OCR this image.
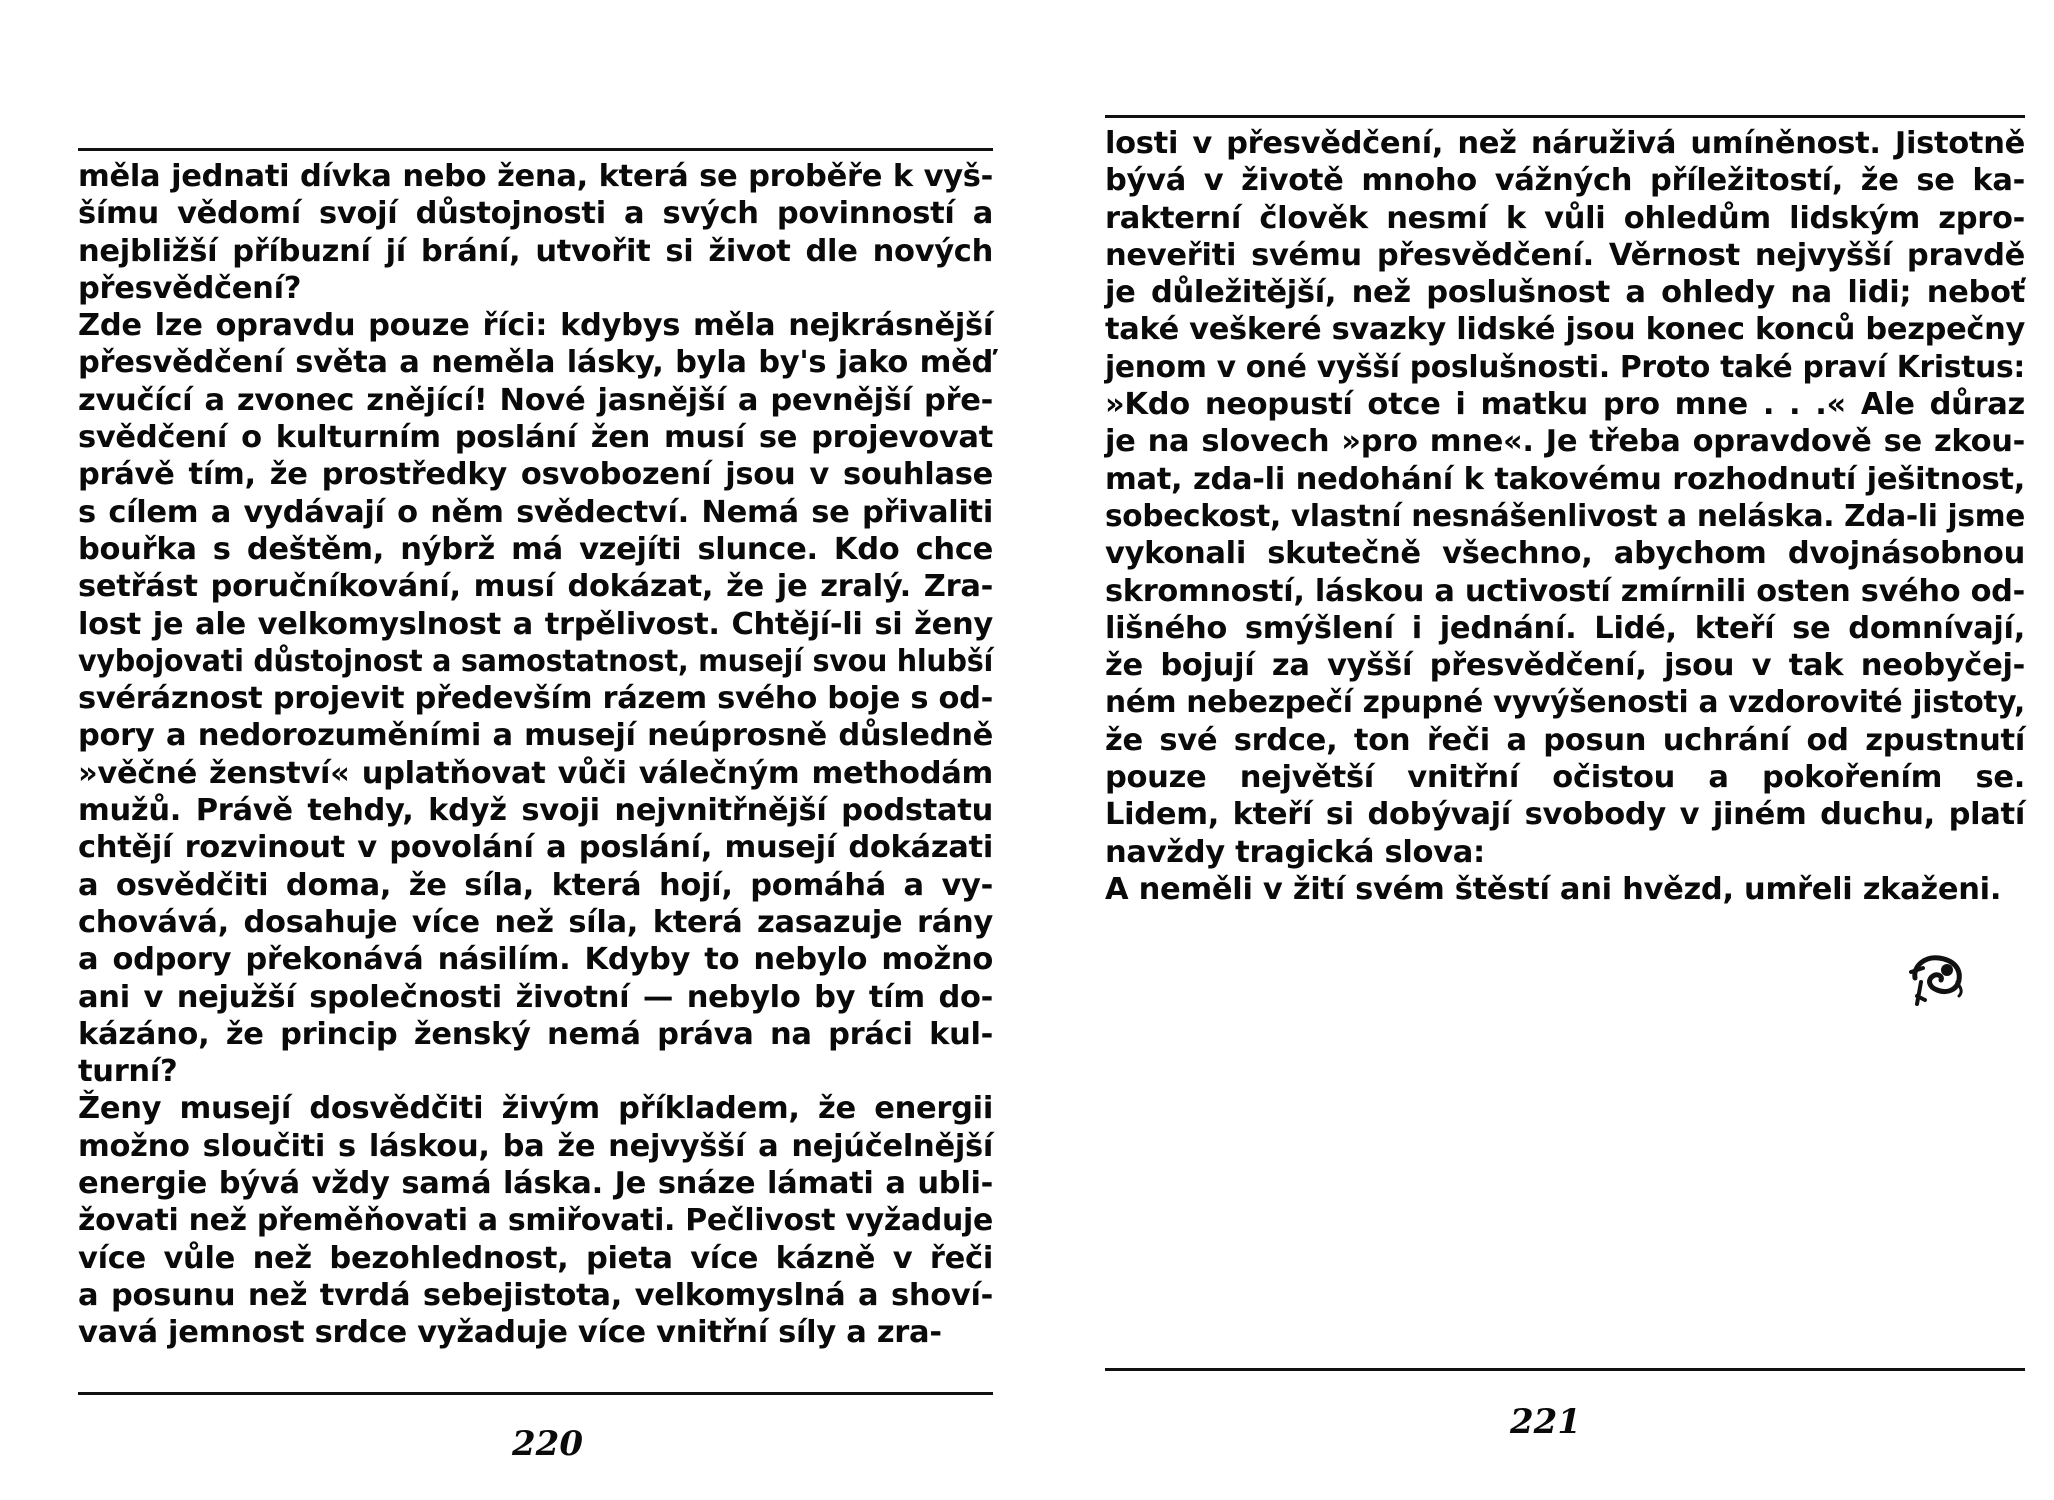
měla jednati dívka nebo žena, která se proběře k vyš-
šímu vědomí svojí důstojnosti a svých povinností a
nejbližší příbuzní jí brání, utvořit si život dle nových
přesvědčení?
Zde lze opravdu pouze říci: kdybys měla nejkrásnější
přesvědčení světa a neměla lásky, byla by's jako měď
zvučící a zvonec znějící! Nové jasnější a pevnější pře-
svědčení o kulturním poslání žen musí se projevovat
právě tím, že prostředky osvobození jsou v souhlase
s cílem a vydávají o něm svědectví. Nemá se přivaliti
bouřka s deštěm, nýbrž má vzejíti slunce. Kdo chce
setřást poručníkování, musí dokázat, že je zralý. Zra-
lost je ale velkomyslnost a trpělivost. Chtějí-li si ženy
vybojovati důstojnost a samostatnost, musejí svou hlubší
svéráznost projevit především rázem svého boje s od-
pory a nedorozuměními a musejí neúprosně důsledně
»věčné ženství« uplatňovat vůči válečným methodám
mužů. Právě tehdy, když svoji nejvnitřnější podstatu
chtějí rozvinout v povolání a poslání, musejí dokázati
a osvědčiti doma, že síla, která hojí, pomáhá a vy-
chovává, dosahuje více než síla, která zasazuje rány
a odpory překonává násilím. Kdyby to nebylo možno
ani v nejužší společnosti životní — nebylo by tím do-
kázáno, že princip ženský nemá práva na práci kul-
turní?
Ženy musejí dosvědčiti živým příkladem, že energii
možno sloučiti s láskou, ba že nejvyšší a nejúčelnější
energie bývá vždy samá láska. Je snáze lámati a ubli-
žovati než přeměňovati a smiřovati. Pečlivost vyžaduje
více vůle než bezohlednost, pieta více kázně v řeči
a posunu než tvrdá sebejistota, velkomyslná a shoví-
vavá jemnost srdce vyžaduje více vnitřní síly a zra-
220
losti v přesvědčení, než náruživá umíněnost. Jistotně
bývá v životě mnoho vážných příležitostí, že se ka-
rakterní člověk nesmí k vůli ohledům lidským zpro-
neveřiti svému přesvědčení. Věrnost nejvyšší pravdě
je důležitější, než poslušnost a ohledy na lidi; neboť
také veškeré svazky lidské jsou konec konců bezpečny
jenom v oné vyšší poslušnosti. Proto také praví Kristus:
»Kdo neopustí otce i matku pro mne . . .« Ale důraz
je na slovech »pro mne«. Je třeba opravdově se zkou-
mat, zda-li nedohání k takovému rozhodnutí ješitnost,
sobeckost, vlastní nesnášenlivost a neláska. Zda-li jsme
vykonali skutečně všechno, abychom dvojnásobnou
skromností, láskou a uctivostí zmírnili osten svého od-
lišného smýšlení i jednání. Lidé, kteří se domnívají,
že bojují za vyšší přesvědčení, jsou v tak neobyčej-
ném nebezpečí zpupné vyvýšenosti a vzdorovité jistoty,
že své srdce, ton řeči a posun uchrání od zpustnutí
pouze největší vnitřní očistou a pokořením se.
Lidem, kteří si dobývají svobody v jiném duchu, platí
navždy tragická slova:
A neměli v žití svém štěstí ani hvězd, umřeli zkaženi.
221
